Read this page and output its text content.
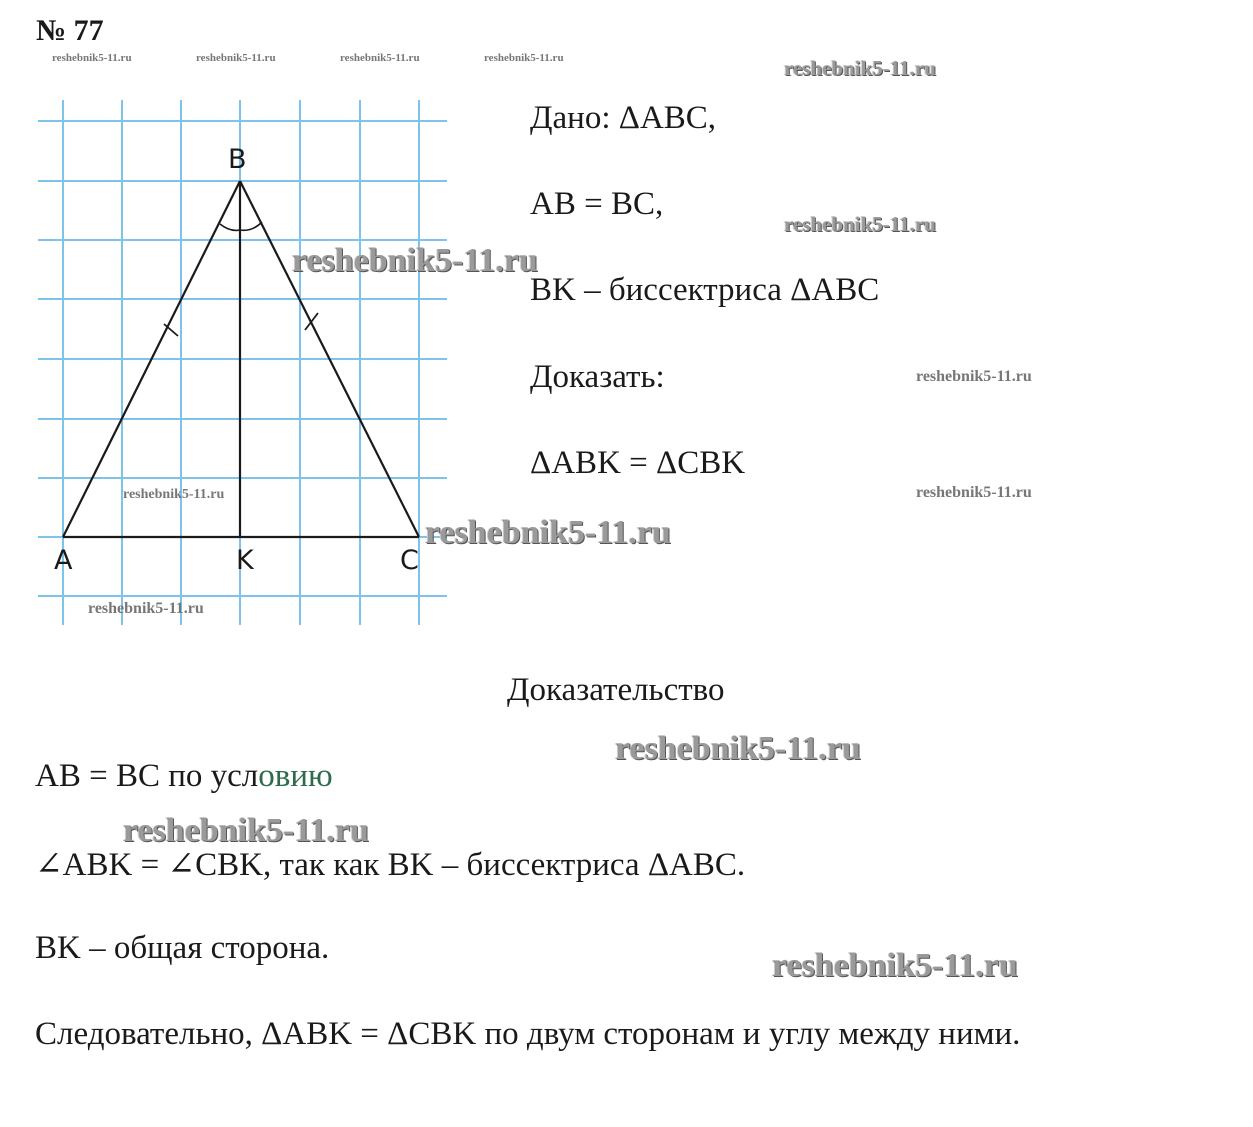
№ 77
reshebnik5-11.ru	reshebnik5-11.ru	reshebnik5-11.ru	reshebnik5-11.ru
B
A	K	C
reshebnik5-11.ru
reshebnik5-11.ru
reshebnik5-11.ru
reshebnik5-11.ru
reshebnik5-11.ru
reshebnik5-11.ru
reshebnik5-11.ru
reshebnik5-11.ru
Дано: ΔABC,
AB = BC,
BK – биссектриса ΔABC
Доказать:
ΔABK = ΔCBK
Доказательство
reshebnik5-11.ru
AB = BC по условию
reshebnik5-11.ru
∠ABK = ∠CBK, так как BK – биссектриса ΔABC.
BK – общая сторона.	reshebnik5-11.ru
Следовательно, ΔABK = ΔCBK по двум сторонам и углу между ними.
